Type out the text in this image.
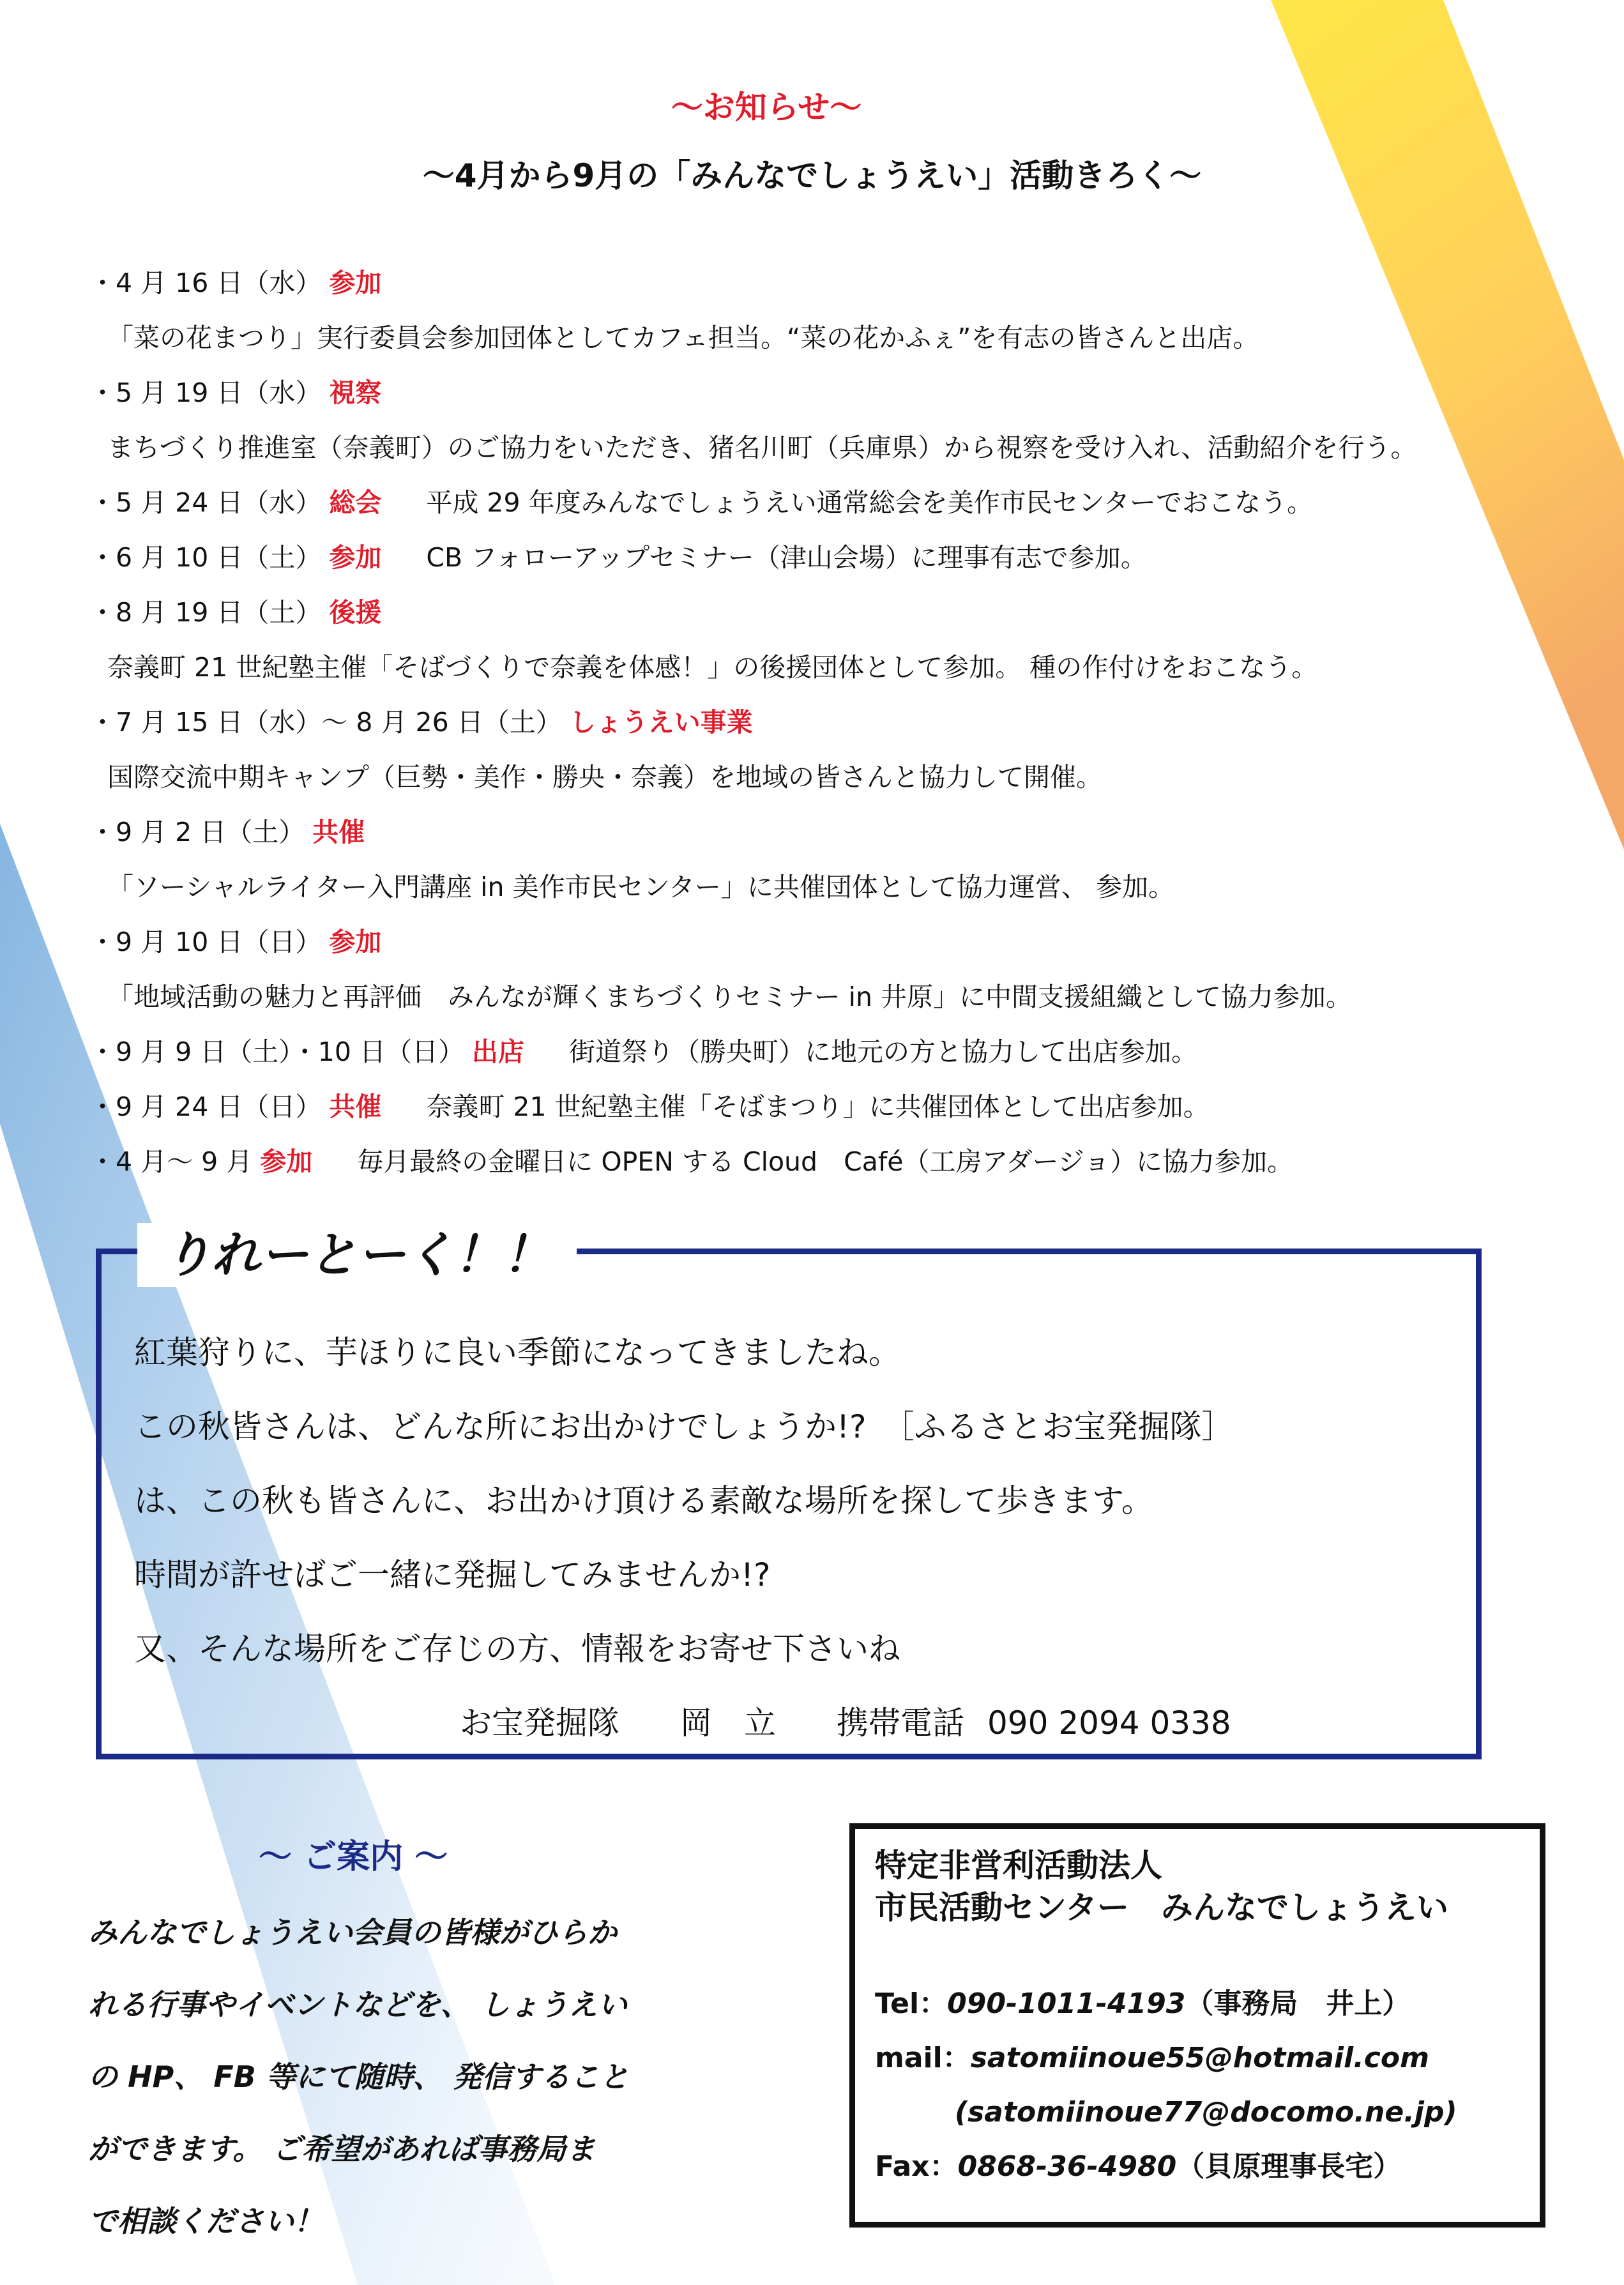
～お知らせ～
～4月から9月の「みんなでしょうえい」活動きろく～
・4 月 16 日（水） 参加
「菜の花まつり」実行委員会参加団体としてカフェ担当。“菜の花かふぇ”を有志の皆さんと出店。
・5 月 19 日（水） 視察
まちづくり推進室（奈義町）のご協力をいただき、猪名川町（兵庫県）から視察を受け入れ、活動紹介を行う。
・5 月 24 日（水） 総会 平成 29 年度みんなでしょうえい通常総会を美作市民センターでおこなう。
・6 月 10 日（土） 参加 CB フォローアップセミナー（津山会場）に理事有志で参加。
・8 月 19 日（土） 後援
奈義町 21 世紀塾主催「そばづくりで奈義を体感！」の後援団体として参加。 種の作付けをおこなう。
・7 月 15 日（水）～ 8 月 26 日（土） しょうえい事業
国際交流中期キャンプ（巨勢・美作・勝央・奈義）を地域の皆さんと協力して開催。
・9 月 2 日（土） 共催
「ソーシャルライター入門講座 in 美作市民センター」に共催団体として協力運営、 参加。
・9 月 10 日（日） 参加
「地域活動の魅力と再評価　みんなが輝くまちづくりセミナー in 井原」に中間支援組織として協力参加。
・9 月 9 日（土）・10 日（日） 出店 街道祭り（勝央町）に地元の方と協力して出店参加。
・9 月 24 日（日） 共催 奈義町 21 世紀塾主催「そばまつり」に共催団体として出店参加。
・4 月～ 9 月 参加 毎月最終の金曜日に OPEN する Cloud　Café（工房アダージョ）に協力参加。
りれーとーく！！
紅葉狩りに、芋ほりに良い季節になってきましたね。
この秋皆さんは、どんな所にお出かけでしょうか!?　［ふるさとお宝発掘隊］
は、この秋も皆さんに、お出かけ頂ける素敵な場所を探して歩きます。
時間が許せばご一緒に発掘してみませんか!?
又、そんな場所をご存じの方、情報をお寄せ下さいね
お宝発掘隊 岡　立 携帯電話 090 2094 0338
～ ご案内 ～
みんなでしょうえい会員の皆様がひらか
れる行事やイベントなどを、 しょうえい
の HP、 FB 等にて随時、 発信すること
ができます。 ご希望があれば事務局ま
で相談ください！
特定非営利活動法人
市民活動センター　みんなでしょうえい
Tel：090-1011-4193（事務局　井上）
mail：satomiinoue55@hotmail.com
(satomiinoue77@docomo.ne.jp)
Fax：0868-36-4980（貝原理事長宅）
